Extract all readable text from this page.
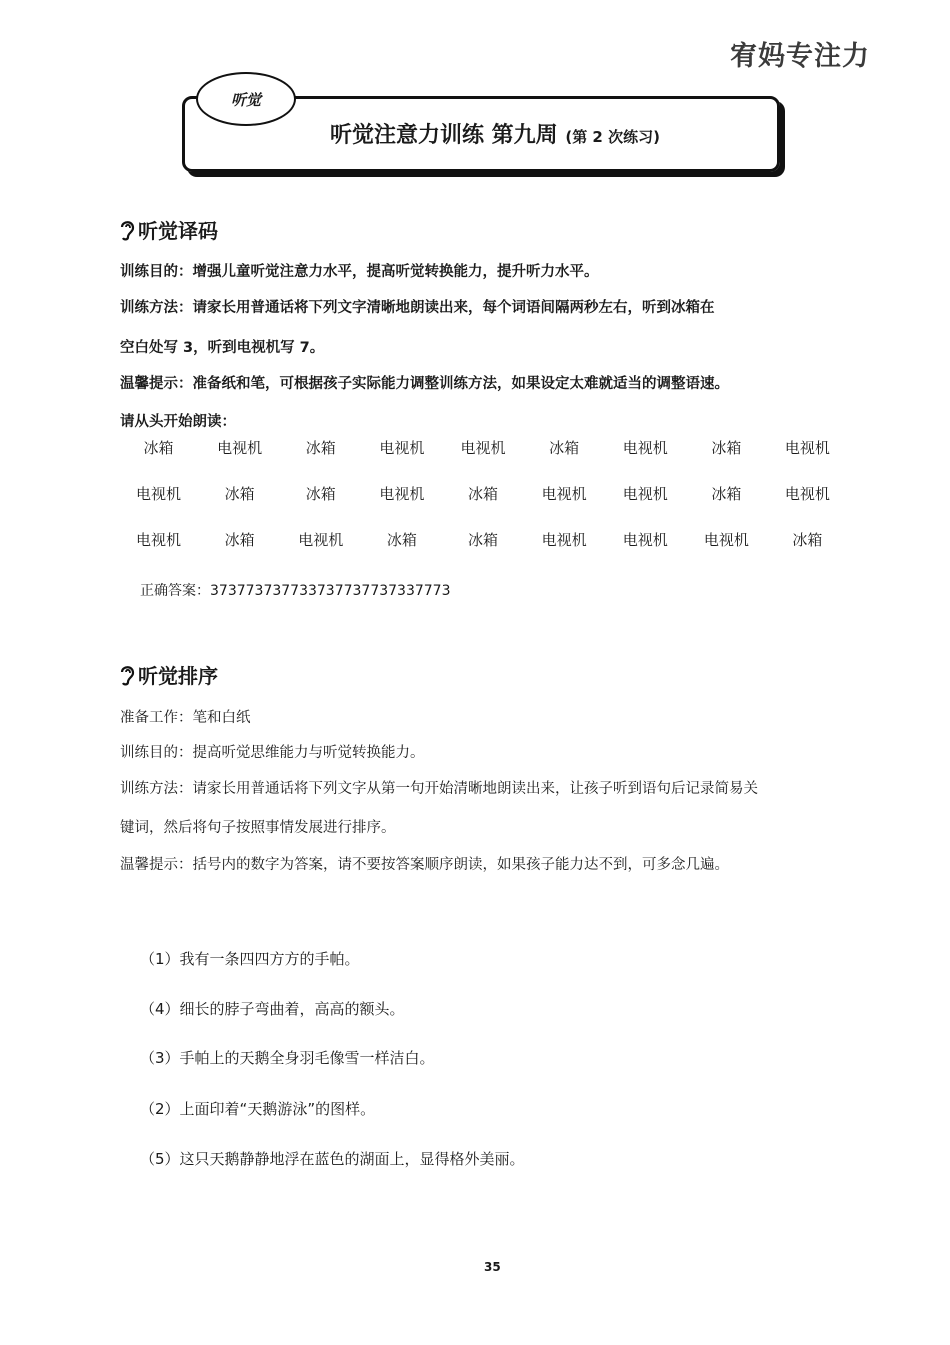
宥妈专注力
听觉
听觉注意力训练 第九周 (第 2 次练习)
听觉译码
训练目的：增强儿童听觉注意力水平，提高听觉转换能力，提升听力水平。
训练方法：请家长用普通话将下列文字清晰地朗读出来，每个词语间隔两秒左右，听到冰箱在
空白处写 3，听到电视机写 7。
温馨提示：准备纸和笔，可根据孩子实际能力调整训练方法，如果设定太难就适当的调整语速。
请从头开始朗读：
冰箱	电视机	冰箱	电视机	电视机	冰箱	电视机	冰箱	电视机
电视机	冰箱	冰箱	电视机	冰箱	电视机	电视机	冰箱	电视机
电视机	冰箱	电视机	冰箱	冰箱	电视机	电视机	电视机	冰箱
正确答案：373773737733737737737337773
听觉排序
准备工作：笔和白纸
训练目的：提高听觉思维能力与听觉转换能力。
训练方法：请家长用普通话将下列文字从第一句开始清晰地朗读出来，让孩子听到语句后记录简易关
键词，然后将句子按照事情发展进行排序。
温馨提示：括号内的数字为答案，请不要按答案顺序朗读，如果孩子能力达不到，可多念几遍。
（1）我有一条四四方方的手帕。
（4）细长的脖子弯曲着，高高的额头。
（3）手帕上的天鹅全身羽毛像雪一样洁白。
（2）上面印着“天鹅游泳”的图样。
（5）这只天鹅静静地浮在蓝色的湖面上，显得格外美丽。
35
